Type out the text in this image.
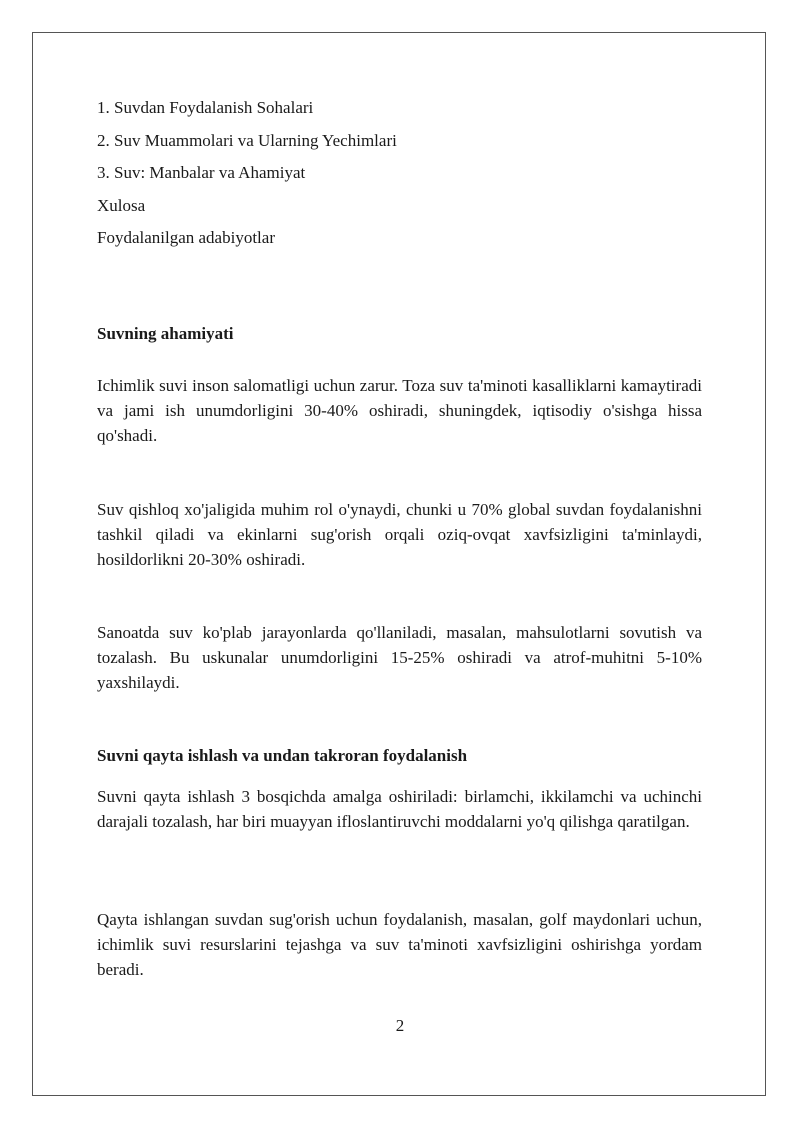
1. Suvdan Foydalanish Sohalari
2. Suv Muammolari va Ularning Yechimlari
3. Suv: Manbalar va Ahamiyat
Xulosa
Foydalanilgan adabiyotlar
Suvning ahamiyati

Ichimlik suvi inson salomatligi uchun zarur. Toza suv ta'minoti kasalliklarni kamaytiradi va jami ish unumdorligini 30-40% oshiradi, shuningdek, iqtisodiy o'sishga hissa qo'shadi.

Suv qishloq xo'jaligida muhim rol o'ynaydi, chunki u 70% global suvdan foydalanishni tashkil qiladi va ekinlarni sug'orish orqali oziq-ovqat xavfsizligini ta'minlaydi, hosildorlikni 20-30% oshiradi.

Sanoatda suv ko'plab jarayonlarda qo'llaniladi, masalan, mahsulotlarni sovutish va tozalash. Bu uskunalar unumdorligini 15-25% oshiradi va atrof-muhitni 5-10% yaxshilaydi.

Suvni qayta ishlash va undan takroran foydalanish

Suvni qayta ishlash 3 bosqichda amalga oshiriladi: birlamchi, ikkilamchi va uchinchi darajali tozalash, har biri muayyan ifloslantiruvchi moddalarni yo'q qilishga qaratilgan.

Qayta ishlangan suvdan sug'orish uchun foydalanish, masalan, golf maydonlari uchun, ichimlik suvi resurslarini tejashga va suv ta'minoti xavfsizligini oshirishga yordam beradi.

2
